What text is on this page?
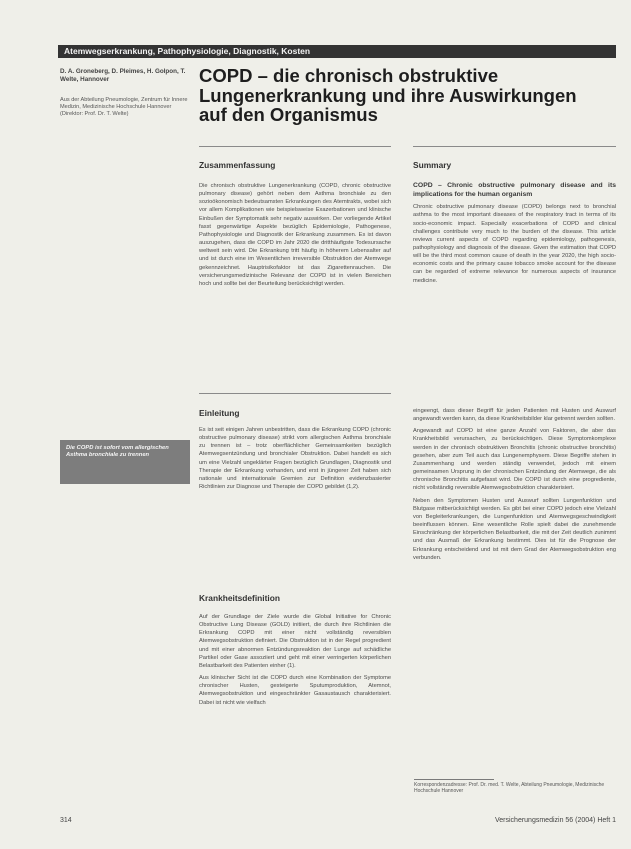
Atemwegserkrankung, Pathophysiologie, Diagnostik, Kosten
D. A. Groneberg, D. Pleimes, H. Golpon, T. Welte, Hannover
Aus der Abteilung Pneumologie, Zentrum für Innere Medizin, Medizinische Hochschule Hannover (Direktor: Prof. Dr. T. Welte)
COPD – die chronisch obstruktive Lungenerkrankung und ihre Auswirkungen auf den Organismus
Zusammenfassung	Summary

Die chronisch obstruktive Lungenerkrankung (COPD, chronic obstructive pulmonary disease) gehört neben dem Asthma bronchiale zu den sozioökonomisch bedeutsamsten Erkrankungen des Atemtrakts, wobei sich vor allem Komplikationen wie beispielsweise Exazerbationen und klinische Einbußen der Symptomatik sehr negativ auswirken. Der vorliegende Artikel fasst gegenwärtige Aspekte bezüglich Epidemiologie, Pathogenese, Pathophysiologie und Diagnostik der Erkrankung zusammen. Es ist davon auszugehen, dass die COPD im Jahr 2020 die dritthäufigste Todesursache weltweit sein wird. Die Erkrankung tritt häufig in höherem Lebensalter auf und ist durch eine im Wesentlichen irreversible Obstruktion der Atemwege gekennzeichnet. Hauptrisikofaktor ist das Zigarettenrauchen. Die versicherungsmedizinische Relevanz der COPD ist in vielen Bereichen hoch und sollte bei der Beurteilung berücksichtigt werden.

COPD – Chronic obstructive pulmonary disease and its implications for the human organism

Chronic obstructive pulmonary disease (COPD) belongs next to bronchial asthma to the most important diseases of the respiratory tract in terms of its socio-economic impact. Especially exacerbations of COPD and clinical challenges contribute very much to the burden of the disease. This article reviews current aspects of COPD regarding epidemiology, pathogenesis, pathophysiology and diagnosis of the disease. Given the estimation that COPD will be the third most common cause of death in the year 2020, the high socio-economic costs and the primary cause tobacco smoke account for the disease can be regarded of extreme relevance for numerous aspects of insurance medicine.

Die COPD ist sofort vom allergischen Asthma bronchiale zu trennen
Einleitung

Es ist seit einigen Jahren unbestritten, dass die Erkrankung COPD (chronic obstructive pulmonary disease) strikt vom allergischen Asthma bronchiale zu trennen ist – trotz oberflächlicher Gemeinsamkeiten bezüglich Atemwegsentzündung und bronchialer Obstruktion. Dabei handelt es sich um eine Vielzahl ungeklärter Fragen bezüglich Grundlagen, Diagnostik und Therapie der Erkrankung vorhanden, und erst in jüngerer Zeit haben sich nationale und internationale Gremien zur Definition evidenzbasierter Richtlinien zur Diagnose und Therapie der COPD gebildet (1,2).

Krankheitsdefinition

Auf der Grundlage der Ziele wurde die Global Initiative for Chronic Obstructive Lung Disease (GOLD) initiiert, die durch ihre Richtlinien die Erkrankung COPD mit einer nicht vollständig reversiblen Atemwegsobstruktion definiert. Die Obstruktion ist in der Regel progredient und mit einer abnormen Entzündungsreaktion der Lunge auf schädliche Partikel oder Gase assoziiert und geht mit einer verringerten körperlichen Belastbarkeit des Patienten einher (1).

Aus klinischer Sicht ist die COPD durch eine Kombination der Symptome chronischer Husten, gesteigerte Sputumproduktion, Atemnot, Atemwegsobstruktion und eingeschränkter Gasaustausch charakterisiert. Dabei ist nicht wie vielfach

eingeengt, dass dieser Begriff für jeden Patienten mit Husten und Auswurf angewandt werden kann, da diese Krankheitsbilder klar getrennt werden sollten.

Angewandt auf COPD ist eine ganze Anzahl von Faktoren, die aber das Krankheitsbild verursachen, zu berücksichtigen. Diese Symptomkomplexe werden in der chronisch obstruktiven Bronchitis (chronic obstructive bronchitis) gesehen, aber zum Teil auch das Lungenemphysem. Diese Begriffe stehen in Zusammenhang und werden ständig verwendet, jedoch mit einem gemeinsamen Ursprung in der chronischen Entzündung der Atemwege, die als chronische Bronchitis aufgefasst wird. Die COPD ist durch eine progrediente, nicht vollständig reversible Atemwegsobstruktion charakterisiert.

Neben den Symptomen Husten und Auswurf sollten Lungenfunktion und Blutgase mitberücksichtigt werden. Es gibt bei einer COPD jedoch eine Vielzahl von Begleiterkrankungen, die Lungenfunktion und Atemwegsgeschwindigkeit beeinflussen können. Eine wesentliche Rolle spielt dabei die zunehmende Einschränkung der körperlichen Belastbarkeit, die mit der Zeit deutlich zunimmt und das Ausmaß der Erkrankung bestimmt. Dies ist für die Prognose der Erkrankung entscheidend und ist mit dem Grad der Atemwegsobstruktion eng verbunden.

Korrespondenzadresse: Prof. Dr. med. T. Welte, Abteilung Pneumologie, Medizinische Hochschule Hannover
314	Versicherungsmedizin 56 (2004) Heft 1
